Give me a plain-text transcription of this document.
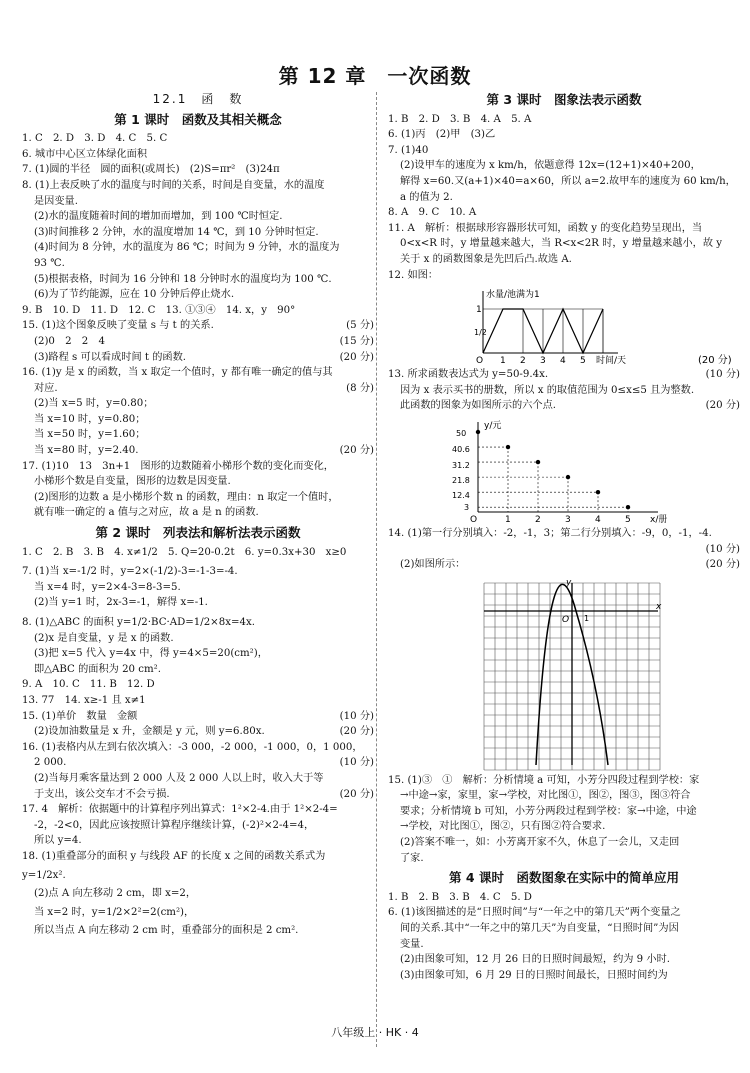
第 12 章　一次函数
12.1　函　数
第 1 课时　函数及其相关概念
1. C　2. D　3. D　4. C　5. C
6. 城市中心区立体绿化面积
7. (1)圆的半径　圆的面积(或周长)　(2)S=πr²　(3)24π
8. (1)上表反映了水的温度与时间的关系，时间是自变量，水的温度
是因变量.
(2)水的温度随着时间的增加而增加，到 100 ℃时恒定.
(3)时间推移 2 分钟，水的温度增加 14 ℃，到 10 分钟时恒定.
(4)时间为 8 分钟，水的温度为 86 ℃；时间为 9 分钟，水的温度为
93 ℃.
(5)根据表格，时间为 16 分钟和 18 分钟时水的温度均为 100 ℃.
(6)为了节约能源，应在 10 分钟后停止烧水.
9. B　10. D　11. D　12. C　13. ①③④　14. x，y　90°
15. (1)这个图象反映了变量 s 与 t 的关系.	(5 分)
(2)0　2　2　4	(15 分)
(3)路程 s 可以看成时间 t 的函数.	(20 分)
16. (1)y 是 x 的函数，当 x 取定一个值时，y 都有唯一确定的值与其
对应.	(8 分)
(2)当 x=5 时，y=0.80；
当 x=10 时，y=0.80；
当 x=50 时，y=1.60；
当 x=80 时，y=2.40.	(20 分)
17. (1)10　13　3n+1　图形的边数随着小梯形个数的变化而变化，
小梯形个数是自变量，图形的边数是因变量.
(2)图形的边数 a 是小梯形个数 n 的函数，理由：n 取定一个值时，
就有唯一确定的 a 值与之对应，故 a 是 n 的函数.
第 2 课时　列表法和解析法表示函数
1. C　2. B　3. B　4. x≠1/2　5. Q=20-0.2t　6. y=0.3x+30　x≥0
7. (1)当 x=-1/2 时，y=2×(-1/2)-3=-1-3=-4.
当 x=4 时，y=2×4-3=8-3=5.
(2)当 y=1 时，2x-3=-1，解得 x=-1.
8. (1)△ABC 的面积 y=1/2·BC·AD=1/2×8x=4x.
(2)x 是自变量，y 是 x 的函数.
(3)把 x=5 代入 y=4x 中，得 y=4×5=20(cm²)，
即△ABC 的面积为 20 cm².
9. A　10. C　11. B　12. D
13. 77　14. x≥-1 且 x≠1
15. (1)单价　数量　金额	(10 分)
(2)设加油数量是 x 升，金额是 y 元，则 y=6.80x.	(20 分)
16. (1)表格内从左到右依次填入：-3 000，-2 000，-1 000，0，1 000，
2 000.	(10 分)
(2)当每月乘客量达到 2 000 人及 2 000 人以上时，收入大于等
于支出，该公交车才不会亏损.	(20 分)
17. 4　解析：依据题中的计算程序列出算式：1²×2-4.由于 1²×2-4=
-2，-2<0，因此应该按照计算程序继续计算，(-2)²×2-4=4，
所以 y=4.
18. (1)重叠部分的面积 y 与线段 AF 的长度 x 之间的函数关系式为
y=1/2x².
(2)点 A 向左移动 2 cm，即 x=2，
当 x=2 时，y=1/2×2²=2(cm²)，
所以当点 A 向左移动 2 cm 时，重叠部分的面积是 2 cm².
第 3 课时　图象法表示函数
1. B　2. D　3. B　4. A　5. A
6. (1)丙　(2)甲　(3)乙
7. (1)40
(2)设甲车的速度为 x km/h，依题意得 12x=(12+1)×40+200，
解得 x=60.又(a+1)×40=a×60，所以 a=2.故甲车的速度为 60 km/h，
a 的值为 2.
8. A　9. C　10. A
11. A　解析：根据球形容器形状可知，函数 y 的变化趋势呈现出，当
0<x<R 时，y 增量越来越大，当 R<x<2R 时，y 增量越来越小，故 y
关于 x 的函数图象是先凹后凸.故选 A.
12. 如图：
水量/池满为1
1
1/2
O 1 2 3 4 5 时间/天	(20 分)
13. 所求函数表达式为 y=50-9.4x.	(10 分)
因为 x 表示买书的册数，所以 x 的取值范围为 0≤x≤5 且为整数.
此函数的图象为如图所示的六个点.	(20 分)
y/元
50
40.6
31.2
21.8
12.4
3
O	1	2	3	4	5 x/册
14. (1)第一行分别填入：-2，-1，3；第二行分别填入：-9，0，-1，-4.
(10 分)
(2)如图所示：	(20 分)
x
y
O 1
15. (1)③　①　解析：分析情境 a 可知，小芳分四段过程到学校：家
→中途→家，家里，家→学校，对比图①，图②，图③，图③符合
要求；分析情境 b 可知，小芳分两段过程到学校：家→中途，中途
→学校，对比图①，图②，只有图②符合要求.
(2)答案不唯一，如：小芳离开家不久，休息了一会儿，又走回
了家.
第 4 课时　函数图象在实际中的简单应用
1. B　2. B　3. B　4. C　5. D
6. (1)该图描述的是“日照时间”与“一年之中的第几天”两个变量之
间的关系.其中“一年之中的第几天”为自变量，“日照时间”为因
变量.
(2)由图象可知，12 月 26 日的日照时间最短，约为 9 小时.
(3)由图象可知，6 月 29 日的日照时间最长，日照时间约为
八年级上 · HK · 4
